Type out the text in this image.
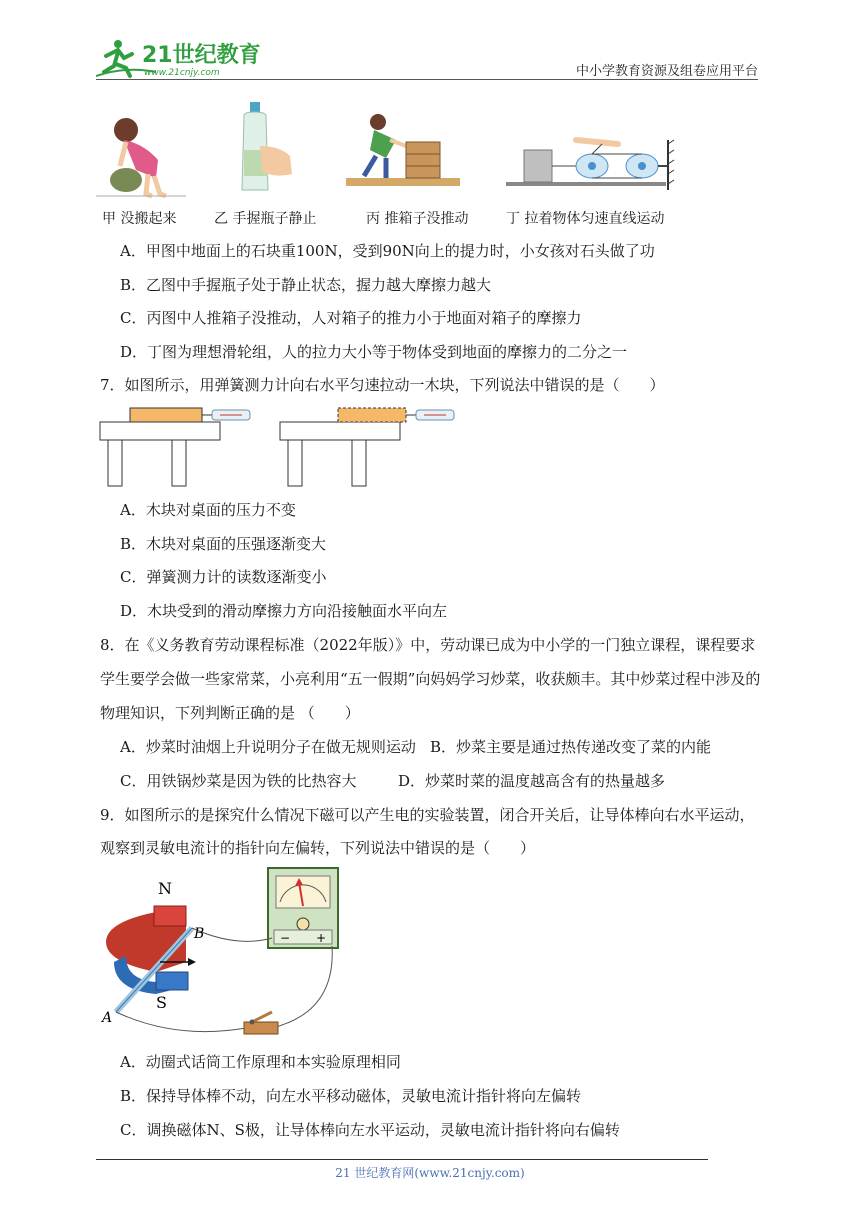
21世纪教育
www.21cnjy.com	中小学教育资源及组卷应用平台
甲 没搬起来	乙 手握瓶子静止	丙 推箱子没推动	丁 拉着物体匀速直线运动
A．甲图中地面上的石块重100N，受到90N向上的提力时，小女孩对石头做了功
B．乙图中手握瓶子处于静止状态，握力越大摩擦力越大
C．丙图中人推箱子没推动，人对箱子的推力小于地面对箱子的摩擦力
D．丁图为理想滑轮组，人的拉力大小等于物体受到地面的摩擦力的二分之一
7．如图所示，用弹簧测力计向右水平匀速拉动一木块，下列说法中错误的是（　　）
A．木块对桌面的压力不变
B．木块对桌面的压强逐渐变大
C．弹簧测力计的读数逐渐变小
D．木块受到的滑动摩擦力方向沿接触面水平向左
8．在《义务教育劳动课程标准（2022年版）》中，劳动课已成为中小学的一门独立课程，课程要求
学生要学会做一些家常菜，小亮利用“五一假期”向妈妈学习炒菜，收获颇丰。其中炒菜过程中涉及的
物理知识，下列判断正确的是 （　　）
A．炒菜时油烟上升说明分子在做无规则运动 B．炒菜主要是通过热传递改变了菜的内能
C．用铁锅炒菜是因为铁的比热容大	D．炒菜时菜的温度越高含有的热量越多
9．如图所示的是探究什么情况下磁可以产生电的实验装置，闭合开关后，让导体棒向右水平运动，
观察到灵敏电流计的指针向左偏转，下列说法中错误的是（　　）
− +
N
S
A
B
A．动圈式话筒工作原理和本实验原理相同
B．保持导体棒不动，向左水平移动磁体，灵敏电流计指针将向左偏转
C．调换磁体N、S极，让导体棒向左水平运动，灵敏电流计指针将向右偏转
21 世纪教育网(www.21cnjy.com)
